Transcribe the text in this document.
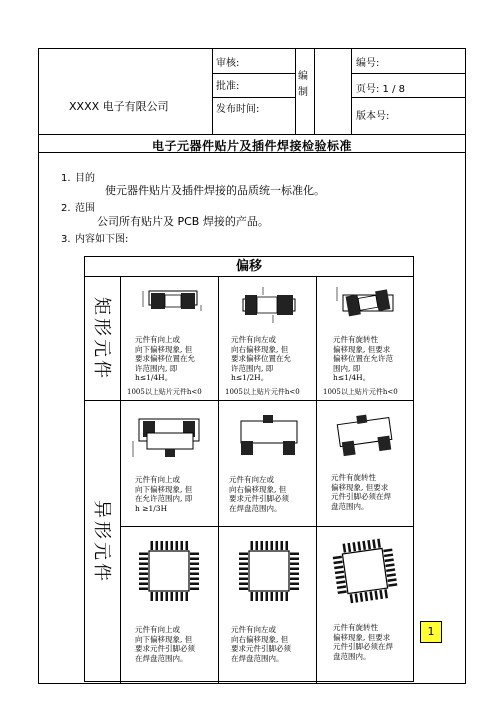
XXXX 电子有限公司
审核:
批准:
发布时间:
编
制
编号:
页号: 1 / 8
版本号:
电子元器件贴片及插件焊接检验标准
1. 目的
使元器件贴片及插件焊接的品质统一标准化。
2. 范围
公司所有贴片及 PCB 焊接的产品。
3. 内容如下图:
偏移
矩形元件
异形元件
元件有向上或
向下偏移现象, 但
要求偏移位置在允
许范围内, 即
h≤1/4H。
1005以上贴片元件h<0
元件有向左或
向右偏移现象, 但
要求偏移位置在允
许范围内, 即
h≤1/2H。
1005以上贴片元件h<0
元件有旋转性
偏移现象, 但要求
偏移位置在允许范
围内, 即
h≤1/4H。
1005以上贴片元件h<0
元件有向上或
向下偏移现象, 但
在允许范围内, 即
h ≥1/3H
元件有向左或
向右偏移现象, 但
要求元件引脚必须
在焊盘范围内。
元件有旋转性
偏移现象, 但要求
元件引脚必须在焊
盘范围内。
元件有向上或
向下偏移现象, 但
要求元件引脚必须
在焊盘范围内。
元件有向左或
向右偏移现象, 但
要求元件引脚必须
在焊盘范围内。
元件有旋转性
偏移现象, 但要求
元件引脚必须在焊
盘范围内。
1
